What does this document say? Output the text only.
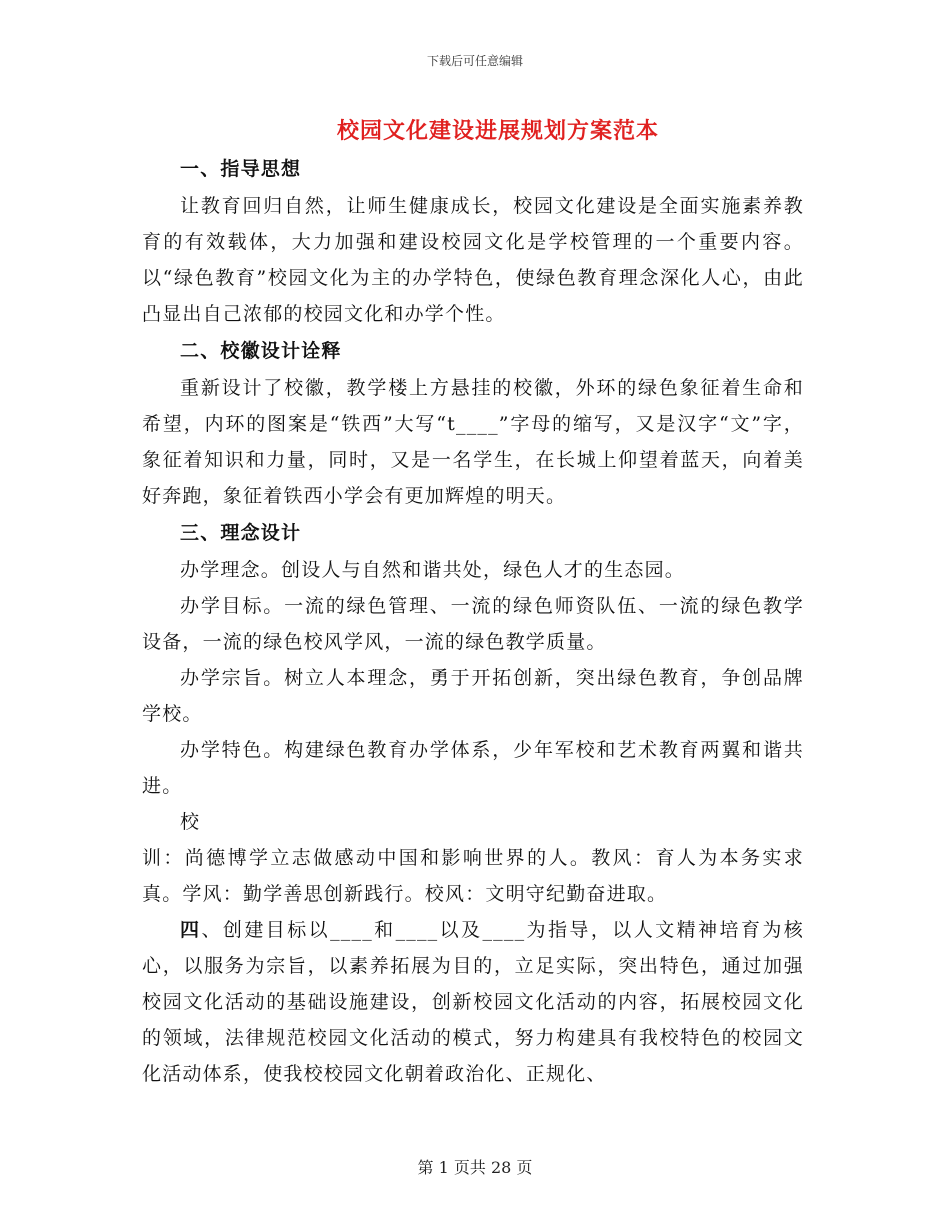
下载后可任意编辑
校园文化建设进展规划方案范本
一、指导思想

让教育回归自然，让师生健康成长，校园文化建设是全面实施素养教育的有效载体，大力加强和建设校园文化是学校管理的一个重要内容。以“绿色教育”校园文化为主的办学特色，使绿色教育理念深化人心，由此凸显出自己浓郁的校园文化和办学个性。

二、校徽设计诠释

重新设计了校徽，教学楼上方悬挂的校徽，外环的绿色象征着生命和希望，内环的图案是“铁西”大写“t____”字母的缩写，又是汉字“文”字，象征着知识和力量，同时，又是一名学生，在长城上仰望着蓝天，向着美好奔跑，象征着铁西小学会有更加辉煌的明天。

三、理念设计

办学理念。创设人与自然和谐共处，绿色人才的生态园。

办学目标。一流的绿色管理、一流的绿色师资队伍、一流的绿色教学设备，一流的绿色校风学风，一流的绿色教学质量。

办学宗旨。树立人本理念，勇于开拓创新，突出绿色教育，争创品牌学校。

办学特色。构建绿色教育办学体系，少年军校和艺术教育两翼和谐共进。

校

训：尚德博学立志做感动中国和影响世界的人。教风：育人为本务实求真。学风：勤学善思创新践行。校风：文明守纪勤奋进取。

四、创建目标以____和____以及____为指导，以人文精神培育为核心，以服务为宗旨，以素养拓展为目的，立足实际，突出特色，通过加强校园文化活动的基础设施建设，创新校园文化活动的内容，拓展校园文化的领域，法律规范校园文化活动的模式，努力构建具有我校特色的校园文化活动体系，使我校校园文化朝着政治化、正规化、

第 1 页共 28 页
